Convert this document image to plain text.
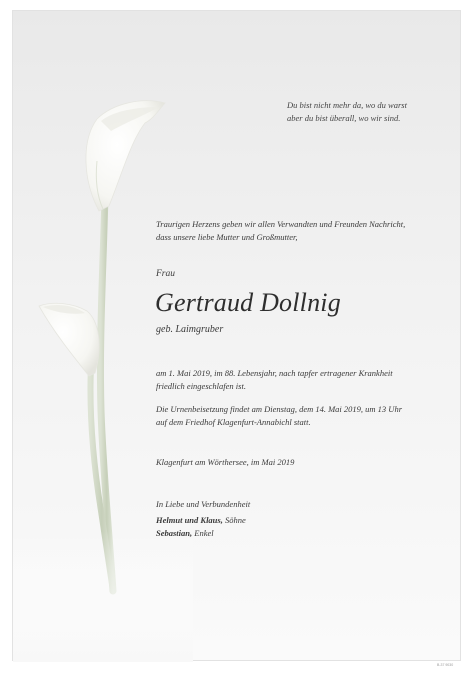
Du bist nicht mehr da, wo du warst
aber du bist überall, wo wir sind.
Traurigen Herzens geben wir allen Verwandten und Freunden Nachricht,
dass unsere liebe Mutter und Großmutter,
Frau
Gertraud Dollnig
geb. Laimgruber
am 1. Mai 2019, im 88. Lebensjahr, nach tapfer ertragener Krankheit
friedlich eingeschlafen ist.
Die Urnenbeisetzung findet am Dienstag, dem 14. Mai 2019, um 13 Uhr
auf dem Friedhof Klagenfurt-Annabichl statt.
Klagenfurt am Wörthersee, im Mai 2019
In Liebe und Verbundenheit
Helmut und Klaus, Söhne
Sebastian, Enkel
B-37 9030
